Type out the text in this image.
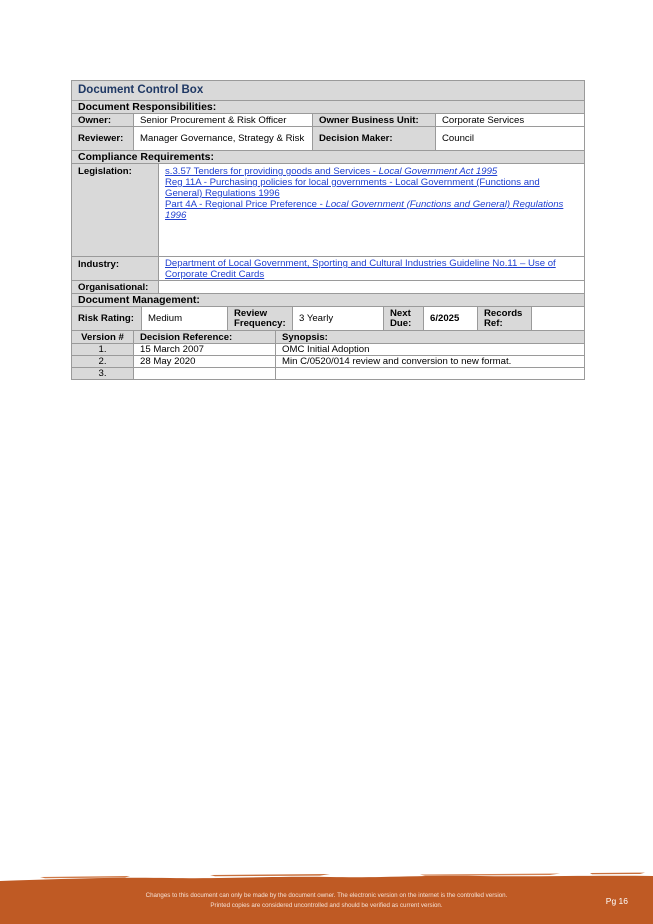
Document Control Box
Document Responsibilities:
Owner:	Senior Procurement & Risk Officer	Owner Business Unit:	Corporate Services
Reviewer:	Manager Governance, Strategy & Risk	Decision Maker:	Council
Compliance Requirements:
Legislation:	s.3.57 Tenders for providing goods and Services - Local Government Act 1995
Reg 11A - Purchasing policies for local governments - Local Government (Functions and General) Regulations 1996
Part 4A - Regional Price Preference - Local Government (Functions and General) Regulations 1996
Industry:	Department of Local Government, Sporting and Cultural Industries Guideline No.11 – Use of Corporate Credit Cards
Organisational:
Document Management:
Risk Rating:	Medium	Review Frequency:	3 Yearly	Next Due:	6/2025	Records Ref:
Version #	Decision Reference:	Synopsis:
1.	15 March 2007	OMC Initial Adoption
2.	28 May 2020	Min C/0520/014 review and conversion to new format.
3.
Changes to this document can only be made by the document owner. The electronic version on the internet is the controlled version.
Printed copies are considered uncontrolled and should be verified as current version.	Pg 16
